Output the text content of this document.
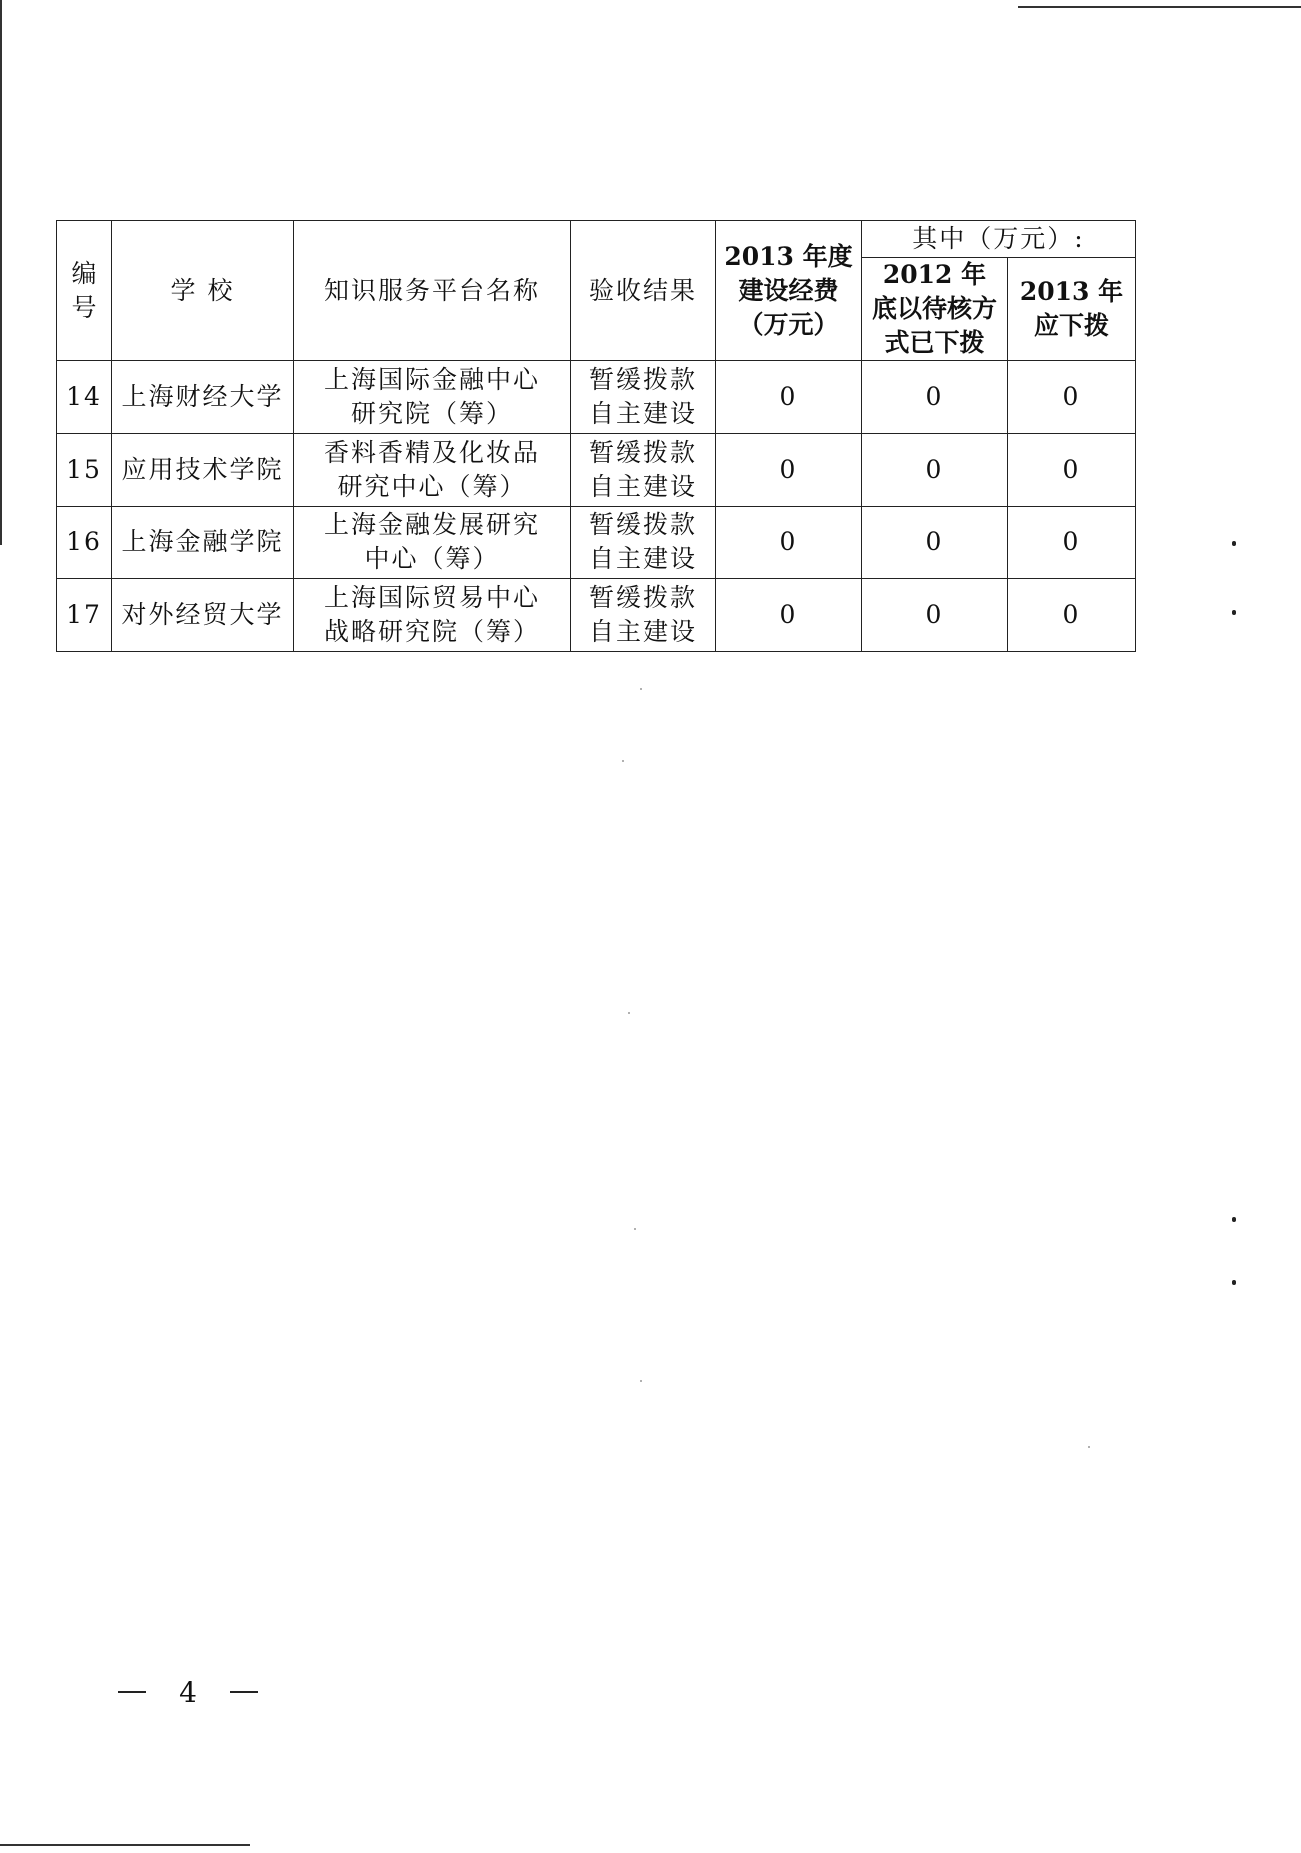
编号	学 校	知识服务平台名称	验收结果	2013 年度建设经费（万元）	其中（万元）:	
					2012 年底以待核方式已下拨	2013 年应下拨
14	上海财经大学	上海国际金融中心研究院（筹）	暂缓拨款自主建设	0	0	0
15	应用技术学院	香料香精及化妆品研究中心（筹）	暂缓拨款自主建设	0	0	0
16	上海金融学院	上海金融发展研究中心（筹）	暂缓拨款自主建设	0	0	0
17	对外经贸大学	上海国际贸易中心战略研究院（筹）	暂缓拨款自主建设	0	0	0
4
